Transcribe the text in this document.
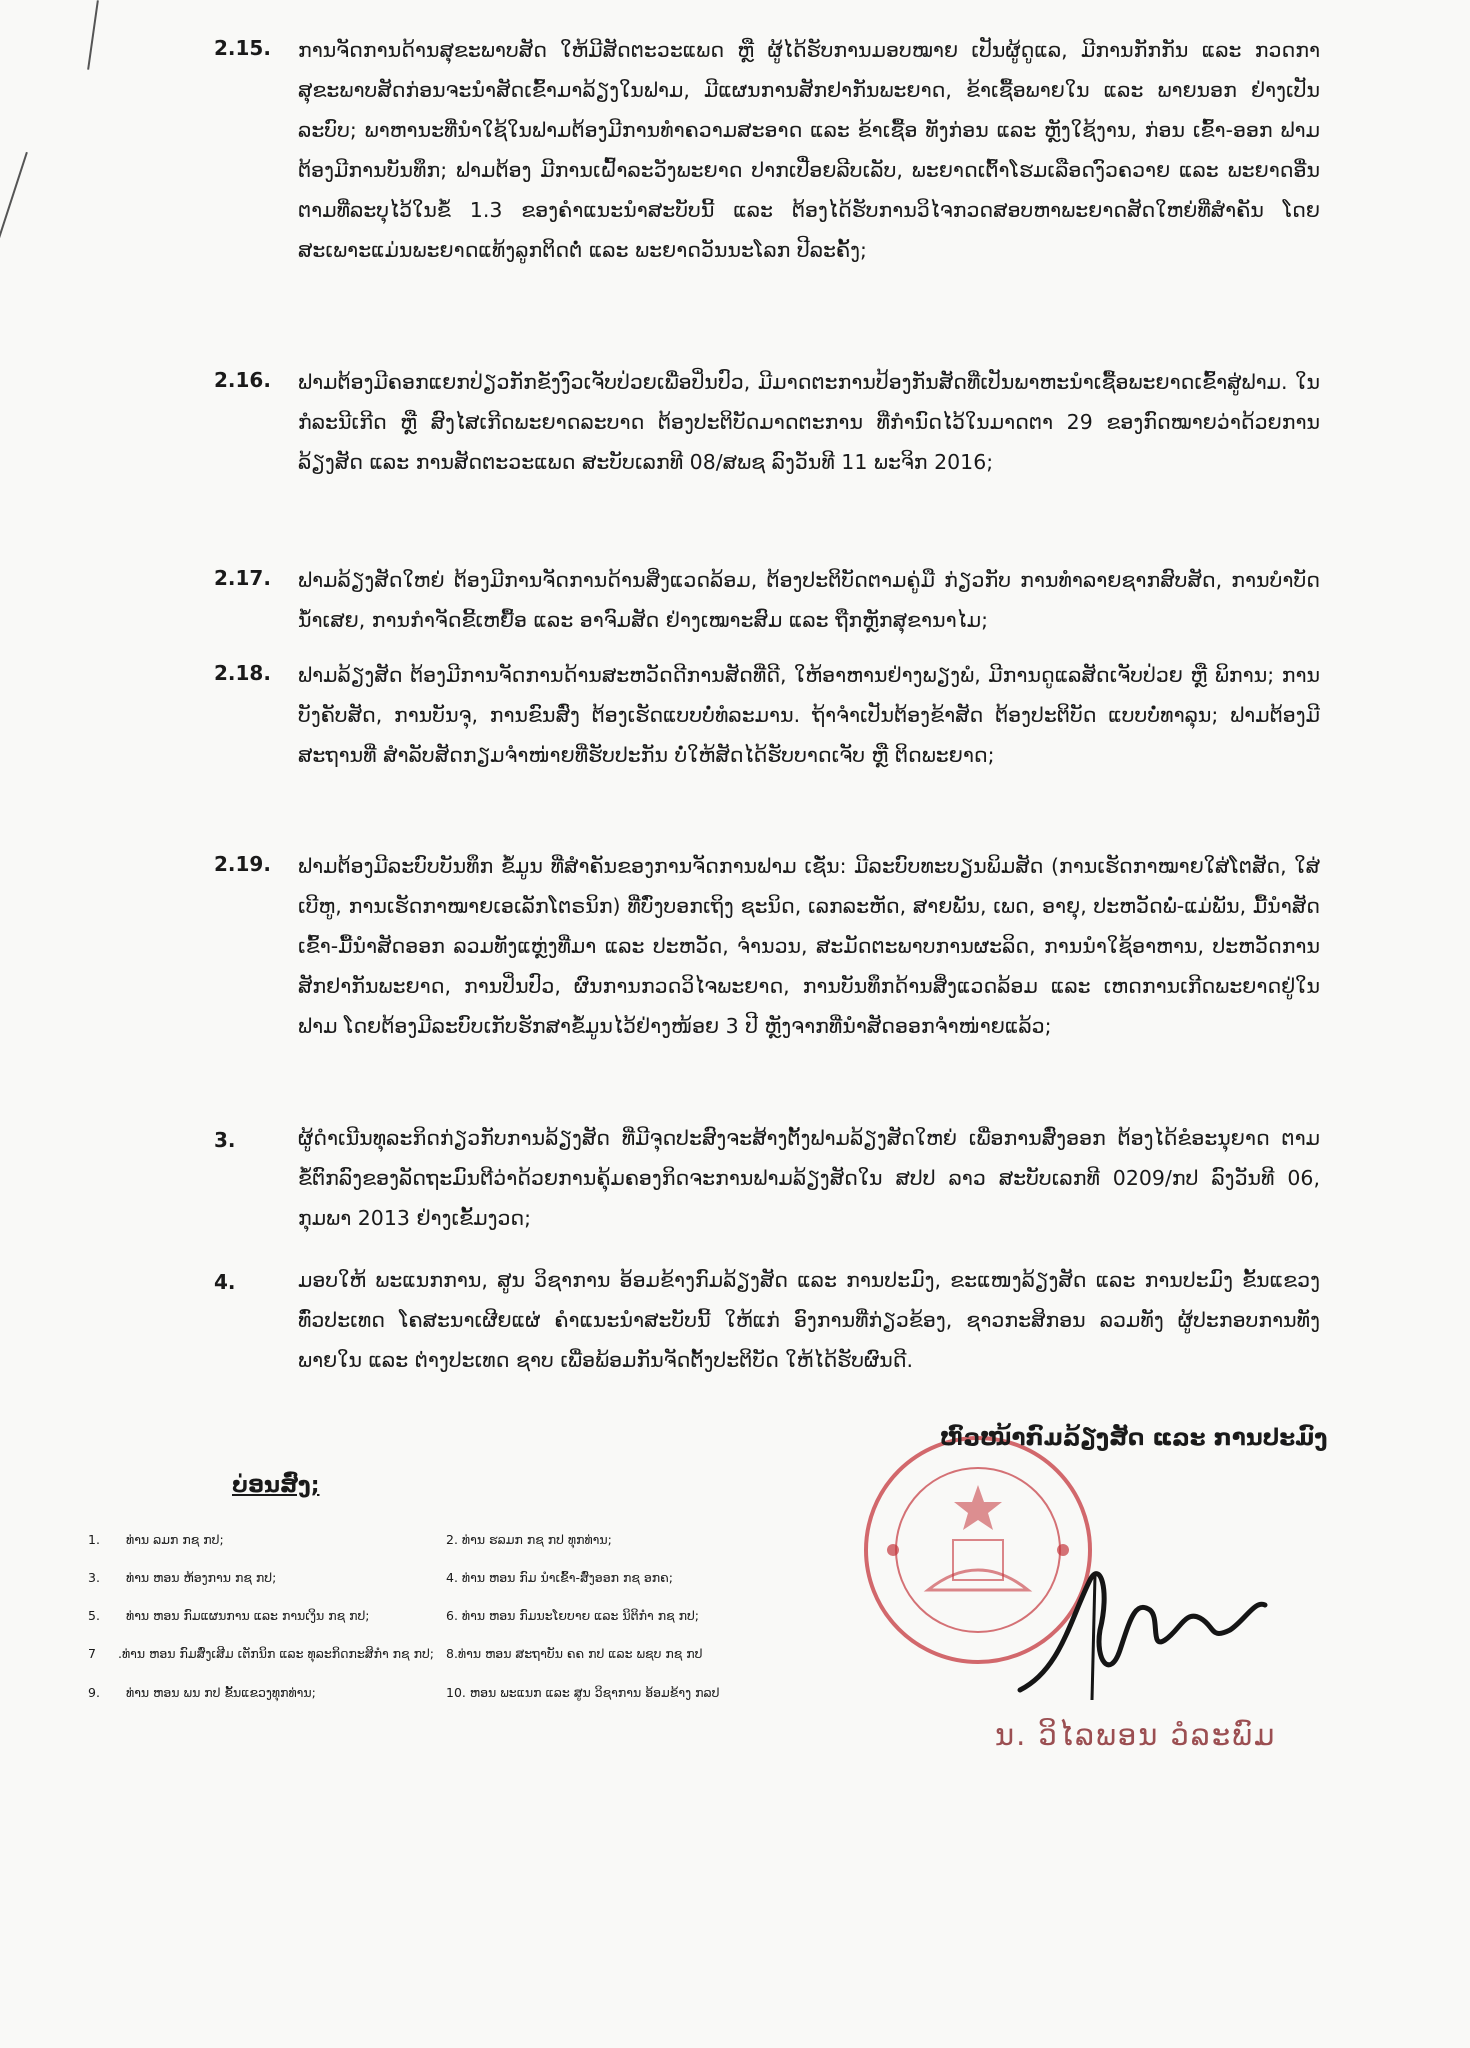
2.15. ການຈັດການດ້ານສຸຂະພາບສັດ ໃຫ້ມີສັດຕະວະແພດ ຫຼື ຜູ້ໄດ້ຮັບການມອບໝາຍ ເປັນຜູ້ດູແລ, ມີການກັກກັນ ແລະ ກວດກາສຸຂະພາບສັດກ່ອນຈະນໍາສັດເຂົ້າມາລ້ຽງໃນຟາມ, ມີແຜນການສັກຢາກັນພະຍາດ, ຂ້າເຊື້ອພາຍໃນ ແລະ ພາຍນອກ ຢ່າງເປັນລະບົບ; ພາຫານະທີ່ນໍາໃຊ້ໃນຟາມຕ້ອງມີການທໍາຄວາມສະອາດ ແລະ ຂ້າເຊື້ອ ທັງກ່ອນ ແລະ ຫຼັງໃຊ້ງານ, ກ່ອນ ເຂົ້າ-ອອກ ຟາມ ຕ້ອງມີການບັນທຶກ; ຟາມຕ້ອງ ມີການເຝົ້າລະວັງພະຍາດ ປາກເປື່ອຍລີບເລັບ, ພະຍາດເຕົ້າໂຮມເລືອດງົວຄວາຍ ແລະ ພະຍາດອື່ນ ຕາມທີ່ລະບຸໄວ້ໃນຂໍ້ 1.3 ຂອງຄໍາແນະນໍາສະບັບນີ້ ແລະ ຕ້ອງໄດ້ຮັບການວິໄຈກວດສອບຫາພະຍາດສັດໃຫຍ່ທີ່ສໍາຄັນ ໂດຍສະເພາະແມ່ນພະຍາດແທ້ງລູກຕິດຕໍ່ ແລະ ພະຍາດວັນນະໂລກ ປີລະຄັ້ງ;
2.16. ຟາມຕ້ອງມີຄອກແຍກປ່ຽວກັກຂັງງົວເຈັບປ່ວຍເພື່ອປິ່ນປົວ, ມີມາດຕະການປ້ອງກັນສັດທີ່ເປັນພາຫະນໍາເຊື້ອພະຍາດເຂົ້າສູ່ຟາມ. ໃນກໍລະນີເກີດ ຫຼື ສົງໄສເກີດພະຍາດລະບາດ ຕ້ອງປະຕິບັດມາດຕະການ ທີ່ກໍານົດໄວ້ໃນມາດຕາ 29 ຂອງກົດໝາຍວ່າດ້ວຍການລ້ຽງສັດ ແລະ ການສັດຕະວະແພດ ສະບັບເລກທີ 08/ສພຊ ລົງວັນທີ 11 ພະຈິກ 2016;
2.17. ຟາມລ້ຽງສັດໃຫຍ່ ຕ້ອງມີການຈັດການດ້ານສິ່ງແວດລ້ອມ, ຕ້ອງປະຕິບັດຕາມຄູ່ມື ກ່ຽວກັບ ການທໍາລາຍຊາກສົບສັດ, ການບໍາບັດນໍ້າເສຍ, ການກໍາຈັດຂີ້ເຫຍື້ອ ແລະ ອາຈົມສັດ ຢ່າງເໝາະສົມ ແລະ ຖືກຫຼັກສຸຂານາໄມ;
2.18. ຟາມລ້ຽງສັດ ຕ້ອງມີການຈັດການດ້ານສະຫວັດດີການສັດທີ່ດີ, ໃຫ້ອາຫານຢ່າງພຽງພໍ, ມີການດູແລສັດເຈັບປ່ວຍ ຫຼື ພິການ; ການບັງຄັບສັດ, ການບັນຈຸ, ການຂົນສົ່ງ ຕ້ອງເຮັດແບບບໍ່ທໍລະມານ. ຖ້າຈໍາເປັນຕ້ອງຂ້າສັດ ຕ້ອງປະຕິບັດ ແບບບໍ່ທາລຸນ; ຟາມຕ້ອງມີສະຖານທີ່ ສໍາລັບສັດກຽມຈໍາໜ່າຍທີ່ຮັບປະກັນ ບໍ່ໃຫ້ສັດໄດ້ຮັບບາດເຈັບ ຫຼື ຕິດພະຍາດ;
2.19. ຟາມຕ້ອງມີລະບົບບັນທຶກ ຂໍ້ມູນ ທີ່ສໍາຄັນຂອງການຈັດການຟາມ ເຊັ່ນ: ມີລະບົບທະບຽນພິມສັດ (ການເຮັດກາໝາຍໃສ່ໂຕສັດ, ໃສ່ເບີຫູ, ການເຮັດກາໝາຍເອເລັກໂຕຣນິກ) ທີ່ບົ່ງບອກເຖິງ ຊະນິດ, ເລກລະຫັດ, ສາຍພັນ, ເພດ, ອາຍຸ, ປະຫວັດພໍ່-ແມ່ພັນ, ມື້ນໍາສັດເຂົ້າ-ມື້ນໍາສັດອອກ ລວມທັງແຫຼ່ງທີ່ມາ ແລະ ປະຫວັດ, ຈໍານວນ, ສະມັດຕະພາບການຜະລິດ, ການນໍາໃຊ້ອາຫານ, ປະຫວັດການສັກຢາກັນພະຍາດ, ການປິ່ນປົວ, ຜົນການກວດວິໄຈພະຍາດ, ການບັນທຶກດ້ານສິ່ງແວດລ້ອມ ແລະ ເຫດການເກີດພະຍາດຢູ່ໃນຟາມ ໂດຍຕ້ອງມີລະບົບເກັບຮັກສາຂໍ້ມູນໄວ້ຢ່າງໜ້ອຍ 3 ປີ ຫຼັງຈາກທີ່ນໍາສັດອອກຈໍາໜ່າຍແລ້ວ;
3.	ຜູ້ດໍາເນີນທຸລະກິດກ່ຽວກັບການລ້ຽງສັດ ທີ່ມີຈຸດປະສົງຈະສ້າງຕັ້ງຟາມລ້ຽງສັດໃຫຍ່ ເພື່ອການສົ່ງອອກ ຕ້ອງໄດ້ຂໍອະນຸຍາດ ຕາມຂໍ້ຕົກລົງຂອງລັດຖະມົນຕີວ່າດ້ວຍການຄຸ້ມຄອງກິດຈະການຟາມລ້ຽງສັດໃນ ສປປ ລາວ ສະບັບເລກທີ 0209/ກປ ລົງວັນທີ 06, ກຸມພາ 2013 ຢ່າງເຂັ້ມງວດ;
4.	ມອບໃຫ້ ພະແນກການ, ສູນ ວິຊາການ ອ້ອມຂ້າງກົມລ້ຽງສັດ ແລະ ການປະມົງ, ຂະແໜງລ້ຽງສັດ ແລະ ການປະມົງ ຂັ້ນແຂວງ ທົ່ວປະເທດ ໂຄສະນາເຜີຍແຜ່ ຄໍາແນະນໍາສະບັບນີ້ ໃຫ້ແກ່ ອົງການທີ່ກ່ຽວຂ້ອງ, ຊາວກະສິກອນ ລວມທັງ ຜູ້ປະກອບການທັງພາຍໃນ ແລະ ຕ່າງປະເທດ ຊາບ ເພື່ອພ້ອມກັນຈັດຕັ້ງປະຕິບັດ ໃຫ້ໄດ້ຮັບຜົນດີ.
ຫົວໜ້າກົມລ້ຽງສັດ ແລະ ການປະມົງ
ນ. ວິໄລພອນ ວໍລະພົມ
ບ່ອນສົ່ງ;
1. ທ່ານ ລມກ ກຊ ກປ;	2. ທ່ານ ຮລມກ ກຊ ກປ ທຸກທ່ານ;
3. ທ່ານ ຫອນ ຫ້ອງການ ກຊ ກປ;	4. ທ່ານ ຫອນ ກົມ ນໍາເຂົ້າ-ສົ່ງອອກ ກຊ ອກຄ;
5. ທ່ານ ຫອນ ກົມແຜນການ ແລະ ການເງິນ ກຊ ກປ;	6. ທ່ານ ຫອນ ກົມນະໂຍບາຍ ແລະ ນິຕິກໍາ ກຊ ກປ;
7 .ທ່ານ ຫອນ ກົມສົ່ງເສີມ ເຕັກນິກ ແລະ ທຸລະກິດກະສິກໍາ ກຊ ກປ; 8.ທ່ານ ຫອນ ສະຖາບັນ ຄຄ ກປ ແລະ ພຊບ ກຊ ກປ
9. ທ່ານ ຫອນ ພນ ກປ ຂັ້ນແຂວງທຸກທ່ານ;	10. ຫອນ ພະແນກ ແລະ ສູນ ວິຊາການ ອ້ອມຂ້າງ ກລປ
